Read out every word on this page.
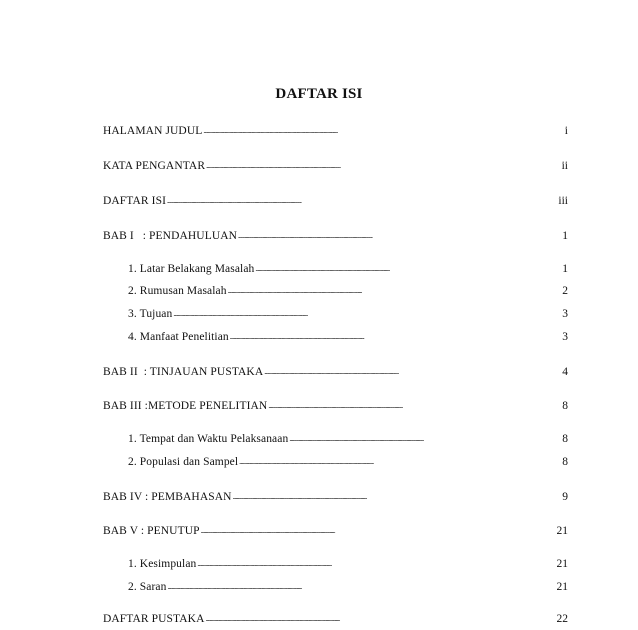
DAFTAR ISI
HALAMAN JUDUL . . .	i
KATA PENGANTAR . . .	ii
DAFTAR ISI . . .	iii
BAB I   : PENDAHULUAN . . .	1
1. Latar Belakang Masalah . . .	1
2. Rumusan Masalah . . .	2
3. Tujuan . . .	3
4. Manfaat Penelitian . . .	3
BAB II  : TINJAUAN PUSTAKA . . .	4
BAB III :METODE PENELITIAN . . .	8
1. Tempat dan Waktu Pelaksanaan . . .	8
2. Populasi dan Sampel . . .	8
BAB IV : PEMBAHASAN . . .	9
BAB V : PENUTUP . . .	21
1. Kesimpulan . . .	21
2. Saran . . .	21
DAFTAR PUSTAKA . . .	22
